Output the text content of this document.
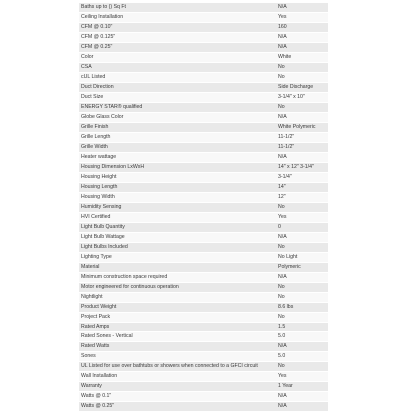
Baths up to () Sq Ft	N/A
Ceiling Installation	Yes
CFM @ 0.10"	160
CFM @ 0.125"	N/A
CFM @ 0.25"	N/A
Color	White
CSA	No
cUL Listed	No
Duct Direction	Side Discharge
Duct Size	3-1/4" x 10"
ENERGY STAR® qualified	No
Globe Glass Color	N/A
Grille Finish	White Polymeric
Grille Length	11-1/2"
Grille Width	11-1/2"
Heater wattage	N/A
Housing Dimension LxWxH	14" x 12" 3-1/4"
Housing Height	3-1/4"
Housing Length	14"
Housing Width	12"
Humidity Sensing	No
HVI Certified	Yes
Light Bulb Quantity	0
Light Bulb Wattage	N/A
Light Bulbs Included	No
Lighting Type	No Light
Material	Polymeric
Minimum construction space required	N/A
Motor engineered for continuous operation	No
Nightlight	No
Product Weight	8.6 lbs
Project Pack	No
Rated Amps	1.5
Rated Sones - Vertical	5.0
Rated Watts	N/A
Sones	5.0
UL Listed for use over bathtubs or showers when connected to a GFCI circuit	No
Wall Installation	Yes
Warranty	1 Year
Watts @ 0.1"	N/A
Watts @ 0.25"	N/A
